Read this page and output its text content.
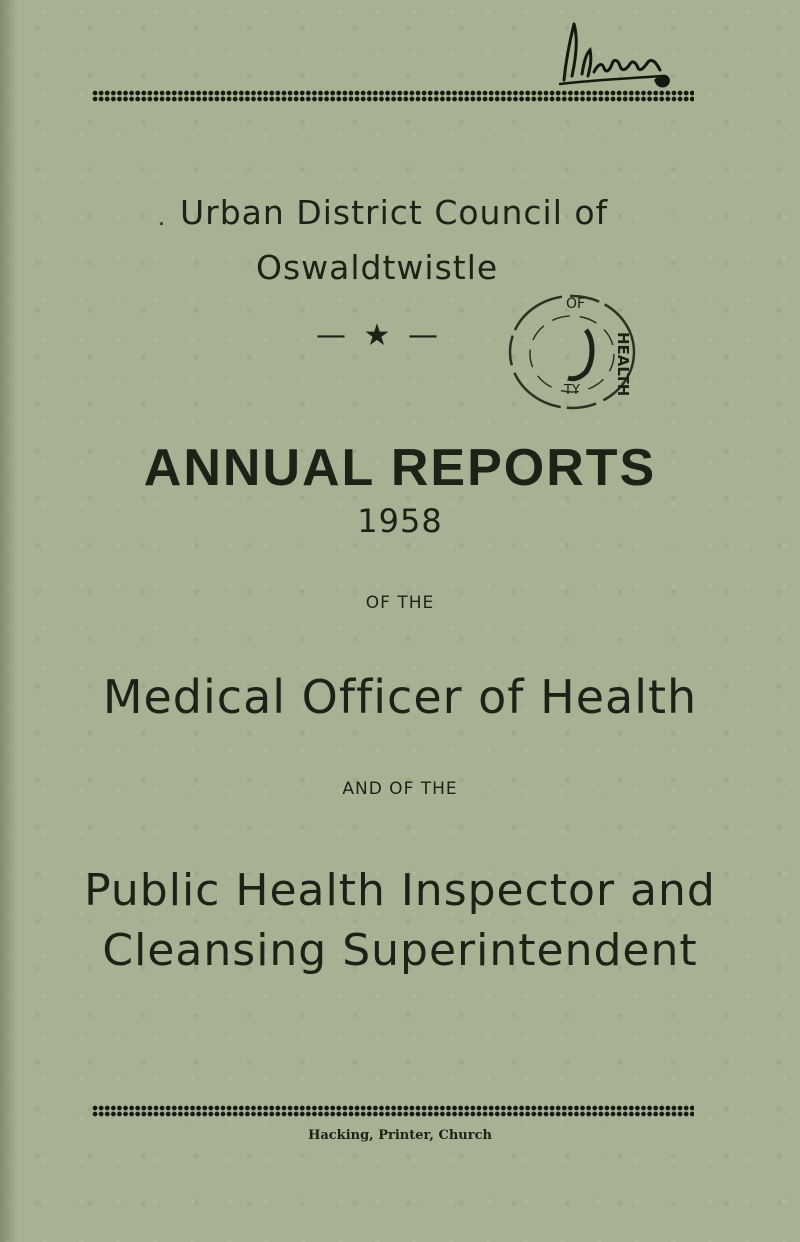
. Urban District Council of
Oswaldtwistle
— ★ —
OF
HEALTH
TY
ANNUAL REPORTS
1958
OF THE
Medical Officer of Health
AND OF THE
Public Health Inspector and
Cleansing Superintendent
Hacking, Printer, Church
